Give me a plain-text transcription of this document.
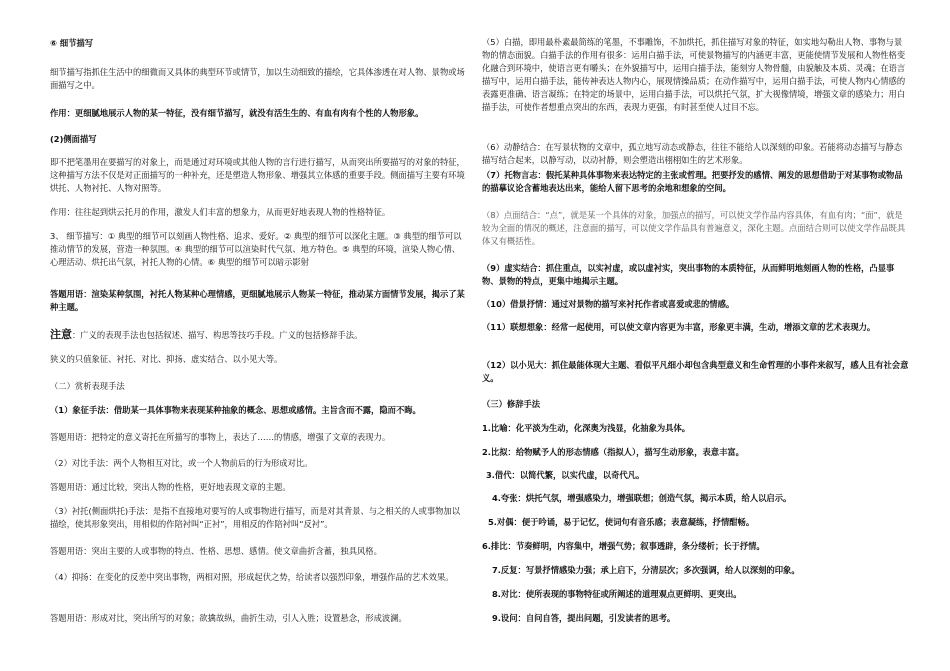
⑥ 细节描写

细节描写指抓住生活中的细微而又具体的典型环节或情节，加以生动细致的描绘，它具体渗透在对人物、景物或场面描写之中。

作用：更细腻地展示人物的某一特征，没有细节描写，就没有活生生的、有血有肉有个性的人物形象。

(2)侧面描写

即不把笔墨用在要描写的对象上，而是通过对环境或其他人物的言行进行描写，从而突出所要描写的对象的特征，这种描写方法不仅是对正面描写的一种补充，还是塑造人物形象、增强其立体感的重要手段。侧面描写主要有环境烘托、人物衬托、人物对照等。

作用：往往起到烘云托月的作用，激发人们丰富的想象力，从而更好地表现人物的性格特征。

3、 细节描写：① 典型的细节可以刻画人物性格、追求、爱好。② 典型的细节可以深化主题。③ 典型的细节可以推动情节的发展，营造一种氛围。④ 典型的细节可以渲染时代气氛、地方特色。⑤ 典型的环境，渲染人物心情、心理活动、烘托出气氛，衬托人物的心情。⑥ 典型的细节可以暗示影射

答题用语：渲染某种氛围，衬托人物某种心理情感，更细腻地展示人物某一特征，推动某方面情节发展，揭示了某种主题。

注意：广义的表现手法也包括叙述、描写、构思等技巧手段。广义的包括修辞手法。

狭义的只值象征、衬托、对比、抑扬、虚实结合、以小见大等。

（二）赏析表现手法

（1）象征手法：借助某一具体事物来表现某种抽象的概念、思想或感情。主旨含而不露，隐而不晦。

答题用语：把特定的意义寄托在所描写的事物上，表达了……的情感，增强了文章的表现力。

（2）对比手法：两个人物相互对比，或一个人物前后的行为形成对比。

答题用语：通过比较，突出人物的性格，更好地表现文章的主题。

（3）衬托(侧面烘托)手法：是指不直接地对要写的人或事物进行描写，而是对其背景、与之相关的人或事物加以描绘，使其形象突出，用相似的作陪衬叫“正衬”，用相反的作陪衬叫“反衬”。

答题用语：突出主要的人或事物的特点、性格、思想、感情。使文章曲折含蓄，独具风格。

（4）抑扬：在变化的反差中突出事物，两相对照，形成起伏之势，给读者以强烈印象，增强作品的艺术效果。

答题用语：形成对比，突出所写的对象；欲擒故纵，曲折生动，引人入胜；设置悬念，形成波澜。

（5）白描，即用最朴素最简练的笔墨，不事雕饰，不加烘托，抓住描写对象的特征，如实地勾勒出人物、事物与景物的情态面貌。白描手法的作用有很多：运用白描手法，可使景物描写的内涵更丰富，更能使情节发展和人物性格变化融合到环境中，使语言更有嚼头；在外貌描写中，运用白描手法，能刻穷人物骨髓，由貌触及本质、灵魂；在语言描写中，运用白描手法，能传神表达人物内心，展现情操品质；在动作描写中，运用白描手法，可使人物内心情感的表露更准确、语言凝练；在特定的场景中，运用白描手法，可以烘托气氛，扩大视像情境，增强文章的感染力；用白描手法，可使作者想重点突出的东西，表现力更强，有时甚至使人过目不忘。

（6）动静结合：在写景状物的文章中，孤立地写动态或静态，往往不能给人以深刻的印象。若能将动态描写与静态描写结合起来，以静写动，以动衬静，则会塑造出栩栩如生的艺术形象。

（7）托物言志：假托某种具体事物来表达特定的主张或哲理。把要抒发的感情、阐发的思想借助于对某事物或物品的描摹议论含蓄地表达出来，能给人留下思考的余地和想象的空间。

（8）点面结合：“点”，就是某一个具体的对象，加强点的描写，可以使文学作品内容具体，有血有肉；“面”，就是较为全面的情况的概述，注意面的描写，可以使文学作品具有普遍意义，深化主题。点面结合则可以使文学作品既具体又有概括性。

（9）虚实结合：抓住重点，以实衬虚，或以虚衬实，突出事物的本质特征，从而鲜明地刻画人物的性格，凸显事物、景物的特点，更集中地揭示主题。

（10）借景抒情：通过对景物的描写来衬托作者或喜爱或悲的情感。

（11）联想想象：经常一起使用，可以使文章内容更为丰富，形象更丰满，生动，增添文章的艺术表现力。

（12）以小见大：抓住最能体现大主题、看似平凡细小却包含典型意义和生命哲理的小事件来叙写，感人且有社会意义。

（三）修辞手法

1.比喻：化平淡为生动，化深奥为浅显，化抽象为具体。

2.比拟：给物赋予人的形态情感（指拟人），描写生动形象，表意丰富。

3.借代：以简代繁，以实代虚，以奇代凡。

4.夸张：烘托气氛，增强感染力，增强联想；创造气氛，揭示本质，给人以启示。

5.对偶：便于吟诵，易于记忆，使词句有音乐感；表意凝练，抒情酣畅。

6.排比：节奏鲜明，内容集中，增强气势；叙事透辟，条分缕析；长于抒情。

7.反复：写景抒情感染力强；承上启下，分清层次；多次强调，给人以深刻的印象。

8.对比：使所表现的事物特征或所阐述的道理观点更鲜明、更突出。

9.设问：自问自答，提出问题，引发读者的思考。
